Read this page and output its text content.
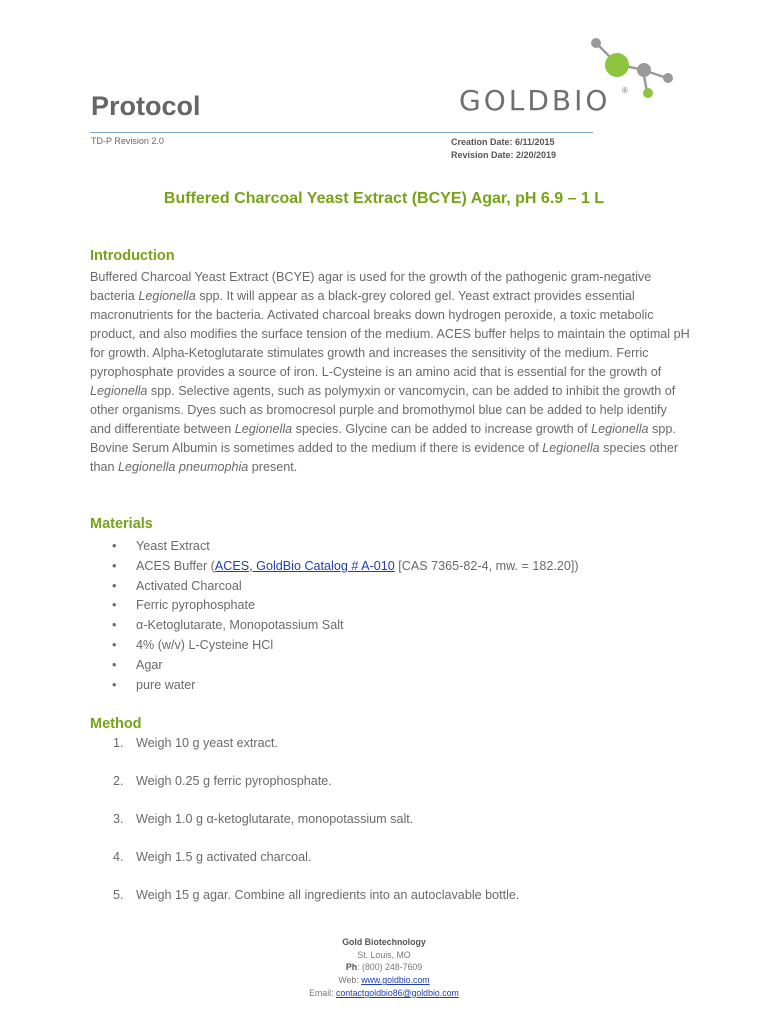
Protocol	GOLDBIO ®
TD-P Revision 2.0	Creation Date: 6/11/2015
Revision Date: 2/20/2019
Buffered Charcoal Yeast Extract (BCYE) Agar, pH 6.9 – 1 L
Introduction
Buffered Charcoal Yeast Extract (BCYE) agar is used for the growth of the pathogenic gram-negative bacteria Legionella spp. It will appear as a black-grey colored gel. Yeast extract provides essential macronutrients for the bacteria. Activated charcoal breaks down hydrogen peroxide, a toxic metabolic product, and also modifies the surface tension of the medium. ACES buffer helps to maintain the optimal pH for growth. Alpha-Ketoglutarate stimulates growth and increases the sensitivity of the medium. Ferric pyrophosphate provides a source of iron. L-Cysteine is an amino acid that is essential for the growth of Legionella spp. Selective agents, such as polymyxin or vancomycin, can be added to inhibit the growth of other organisms. Dyes such as bromocresol purple and bromothymol blue can be added to help identify and differentiate between Legionella species. Glycine can be added to increase growth of Legionella spp. Bovine Serum Albumin is sometimes added to the medium if there is evidence of Legionella species other than Legionella pneumophia present.
Materials
• Yeast Extract
• ACES Buffer (ACES, GoldBio Catalog # A-010 [CAS 7365-82-4, mw. = 182.20])
• Activated Charcoal
• Ferric pyrophosphate
• α-Ketoglutarate, Monopotassium Salt
• 4% (w/v) L-Cysteine HCl
• Agar
• pure water
Method
1. Weigh 10 g yeast extract.
2. Weigh 0.25 g ferric pyrophosphate.
3. Weigh 1.0 g α-ketoglutarate, monopotassium salt.
4. Weigh 1.5 g activated charcoal.
5. Weigh 15 g agar. Combine all ingredients into an autoclavable bottle.
Gold Biotechnology
St. Louis, MO
Ph: (800) 248-7609
Web: www.goldbio.com
Email: contactgoldbio86@goldbio.com
